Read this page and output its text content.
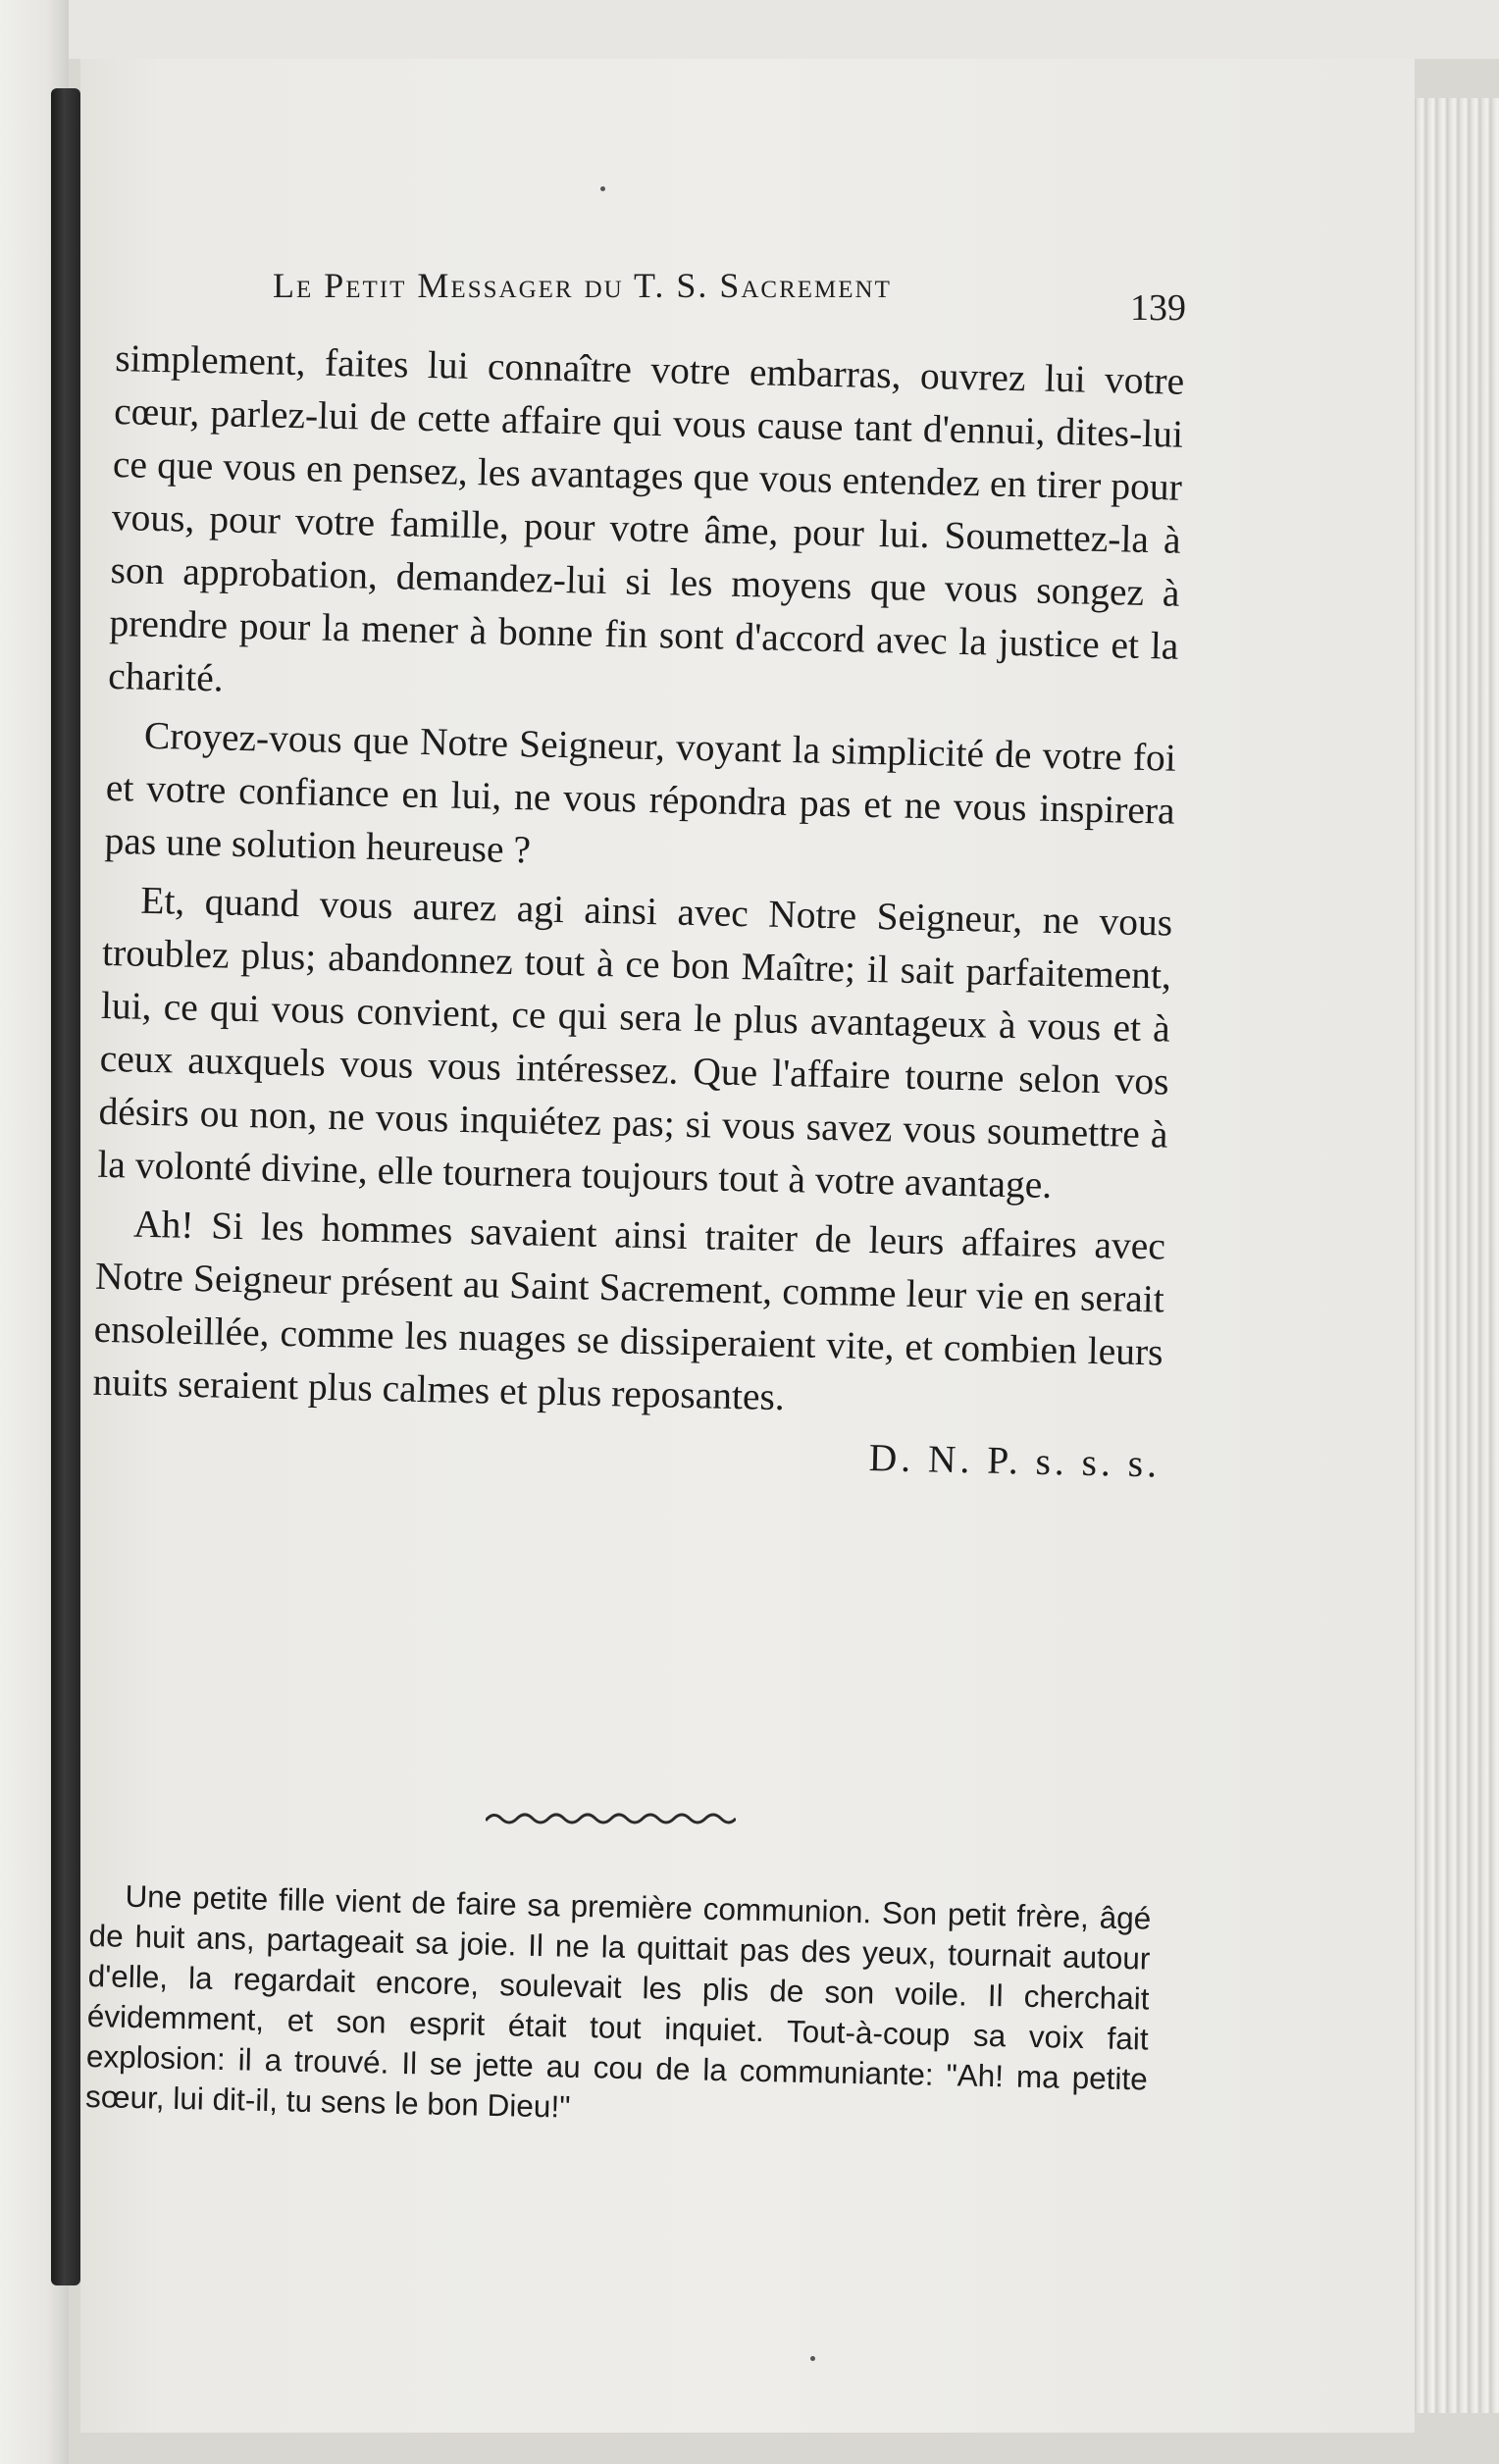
Le Petit Messager du T. S. Sacrement
139

simplement, faites lui connaître votre embarras, ouvrez lui votre cœur, parlez-lui de cette affaire qui vous cause tant d'ennui, dites-lui ce que vous en pensez, les avantages que vous entendez en tirer pour vous, pour votre famille, pour votre âme, pour lui. Soumettez-la à son approbation, demandez-lui si les moyens que vous songez à prendre pour la mener à bonne fin sont d'accord avec la justice et la charité.

Croyez-vous que Notre Seigneur, voyant la simplicité de votre foi et votre confiance en lui, ne vous répondra pas et ne vous inspirera pas une solution heureuse ?

Et, quand vous aurez agi ainsi avec Notre Seigneur, ne vous troublez plus; abandonnez tout à ce bon Maître; il sait parfaitement, lui, ce qui vous convient, ce qui sera le plus avantageux à vous et à ceux auxquels vous vous intéressez. Que l'affaire tourne selon vos désirs ou non, ne vous inquiétez pas; si vous savez vous soumettre à la volonté divine, elle tournera toujours tout à votre avantage.

Ah! Si les hommes savaient ainsi traiter de leurs affaires avec Notre Seigneur présent au Saint Sacrement, comme leur vie en serait ensoleillée, comme les nuages se dissiperaient vite, et combien leurs nuits seraient plus calmes et plus reposantes.

D. N. P. s. s. s.

Une petite fille vient de faire sa première communion. Son petit frère, âgé de huit ans, partageait sa joie. Il ne la quittait pas des yeux, tournait autour d'elle, la regardait encore, soulevait les plis de son voile. Il cherchait évidemment, et son esprit était tout inquiet. Tout-à-coup sa voix fait explosion: il a trouvé. Il se jette au cou de la communiante: "Ah! ma petite sœur, lui dit-il, tu sens le bon Dieu!"
